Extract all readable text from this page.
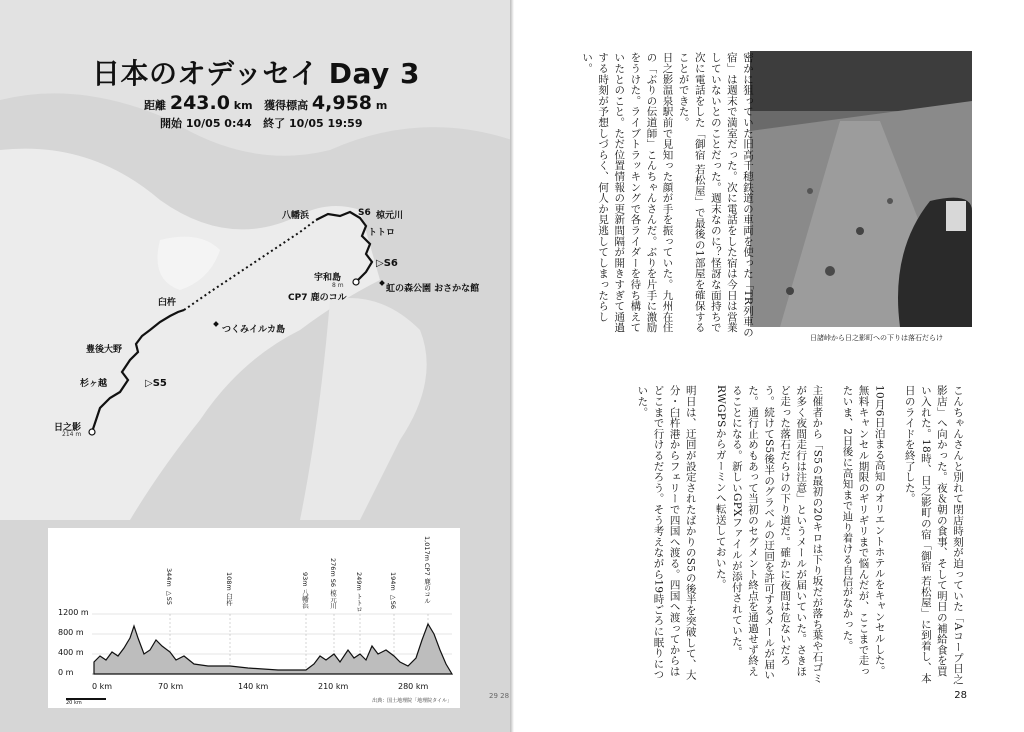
日本のオデッセイ Day 3
距離 243.0 km 獲得標高 4,958 m
開始 10/05 0:44 終了 10/05 19:59
八幡浜	S6 椋元川
トトロ
▷S6
宇和島
8 m
CP7 鹿のコル
虹の森公園 おさかな館
臼杵
つくみイルカ島
豊後大野
杉ヶ越	▷S5
日之影
214 m
1200 m
800 m
400 m
0 m
0 km	70 km	140 km	210 km	280 km
344m ▷S5	108m 臼杵	93m 八幡浜	276m S6 椋元川	249m トトロ	194m ▷S6	1,017m CP7 鹿のコル
出典：国土地理院「地理院タイル」
20 km
29 28
日諸峠から日之影町への下りは落石だらけ

密かに狙っていた旧高千穂鉄道の車両を使った「TR列車の宿」は週末で満室だった。次に電話をした宿は今日は営業していないとのことだった。週末なのに？怪訝な面持ちで次に電話をした「御宿 若松屋」で最後の1部屋を確保することができた。

日之影温泉駅前で見知った顔が手を振っていた。九州在住の「ぶりの伝道師」こんちゃんさんだ。ぶりを片手に激励をうけた。ライブトラッキングで各ライダーを待ち構えていたとのこと。ただ位置情報の更新間隔が開きすぎて通過する時刻が予想しづらく、何人か見逃してしまったらしい。

こんちゃんさんと別れて閉店時刻が迫っていた「Aコープ日之影店」へ向かった。夜＆朝の食事、そして明日の補給食を買い入れた。18時、日之影町の宿「御宿 若松屋」に到着し、本日のライドを終了した。

10月6日泊まる高知のオリエントホテルをキャンセルした。無料キャンセル期限のギリギリまで悩んだが、ここまで走ったいま、2日後に高知まで辿り着ける自信がなかった。

主催者から「S5の最初の20キロは下り坂だが落ち葉や石ゴミが多く夜間走行は注意」というメールが届いていた。さきほど走った落石だらけの下り道だ。確かに夜間は危ないだろう。続けてS5後半のグラベルの迂回を許可するメールが届いた。通行止めもあって当初のセグメント終点を通過せず終えることになる。新しいGPXファイルが添付されていた。RWGPSからガーミンへ転送しておいた。

明日は、迂回が設定されたばかりのS5の後半を突破して、大分・臼杵港からフェリーで四国へ渡る。四国へ渡ってからはどこまで行けるだろう。そう考えながら19時ごろに眠りについた。

28
